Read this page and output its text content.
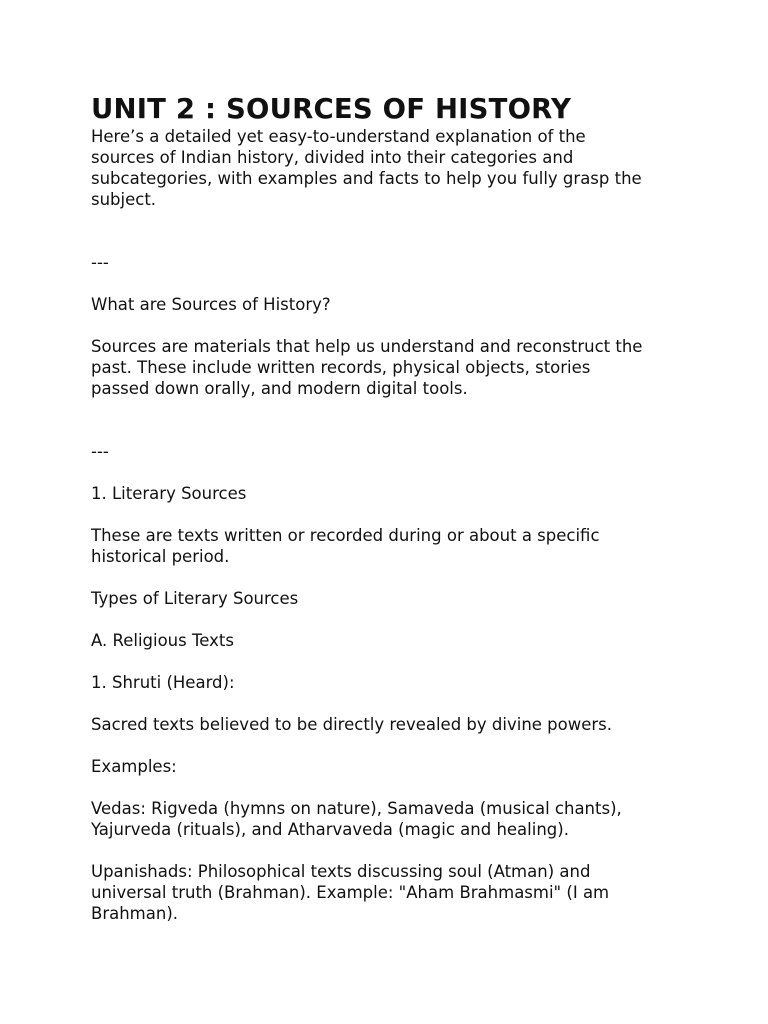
UNIT 2 : SOURCES OF HISTORY

Here’s a detailed yet easy-to-understand explanation of the
sources of Indian history, divided into their categories and
subcategories, with examples and facts to help you fully grasp the
subject.

---

What are Sources of History?

Sources are materials that help us understand and reconstruct the
past. These include written records, physical objects, stories
passed down orally, and modern digital tools.

---

1. Literary Sources

These are texts written or recorded during or about a specific
historical period.

Types of Literary Sources

A. Religious Texts

1. Shruti (Heard):

Sacred texts believed to be directly revealed by divine powers.

Examples:

Vedas: Rigveda (hymns on nature), Samaveda (musical chants),
Yajurveda (rituals), and Atharvaveda (magic and healing).

Upanishads: Philosophical texts discussing soul (Atman) and
universal truth (Brahman). Example: "Aham Brahmasmi" (I am
Brahman).
